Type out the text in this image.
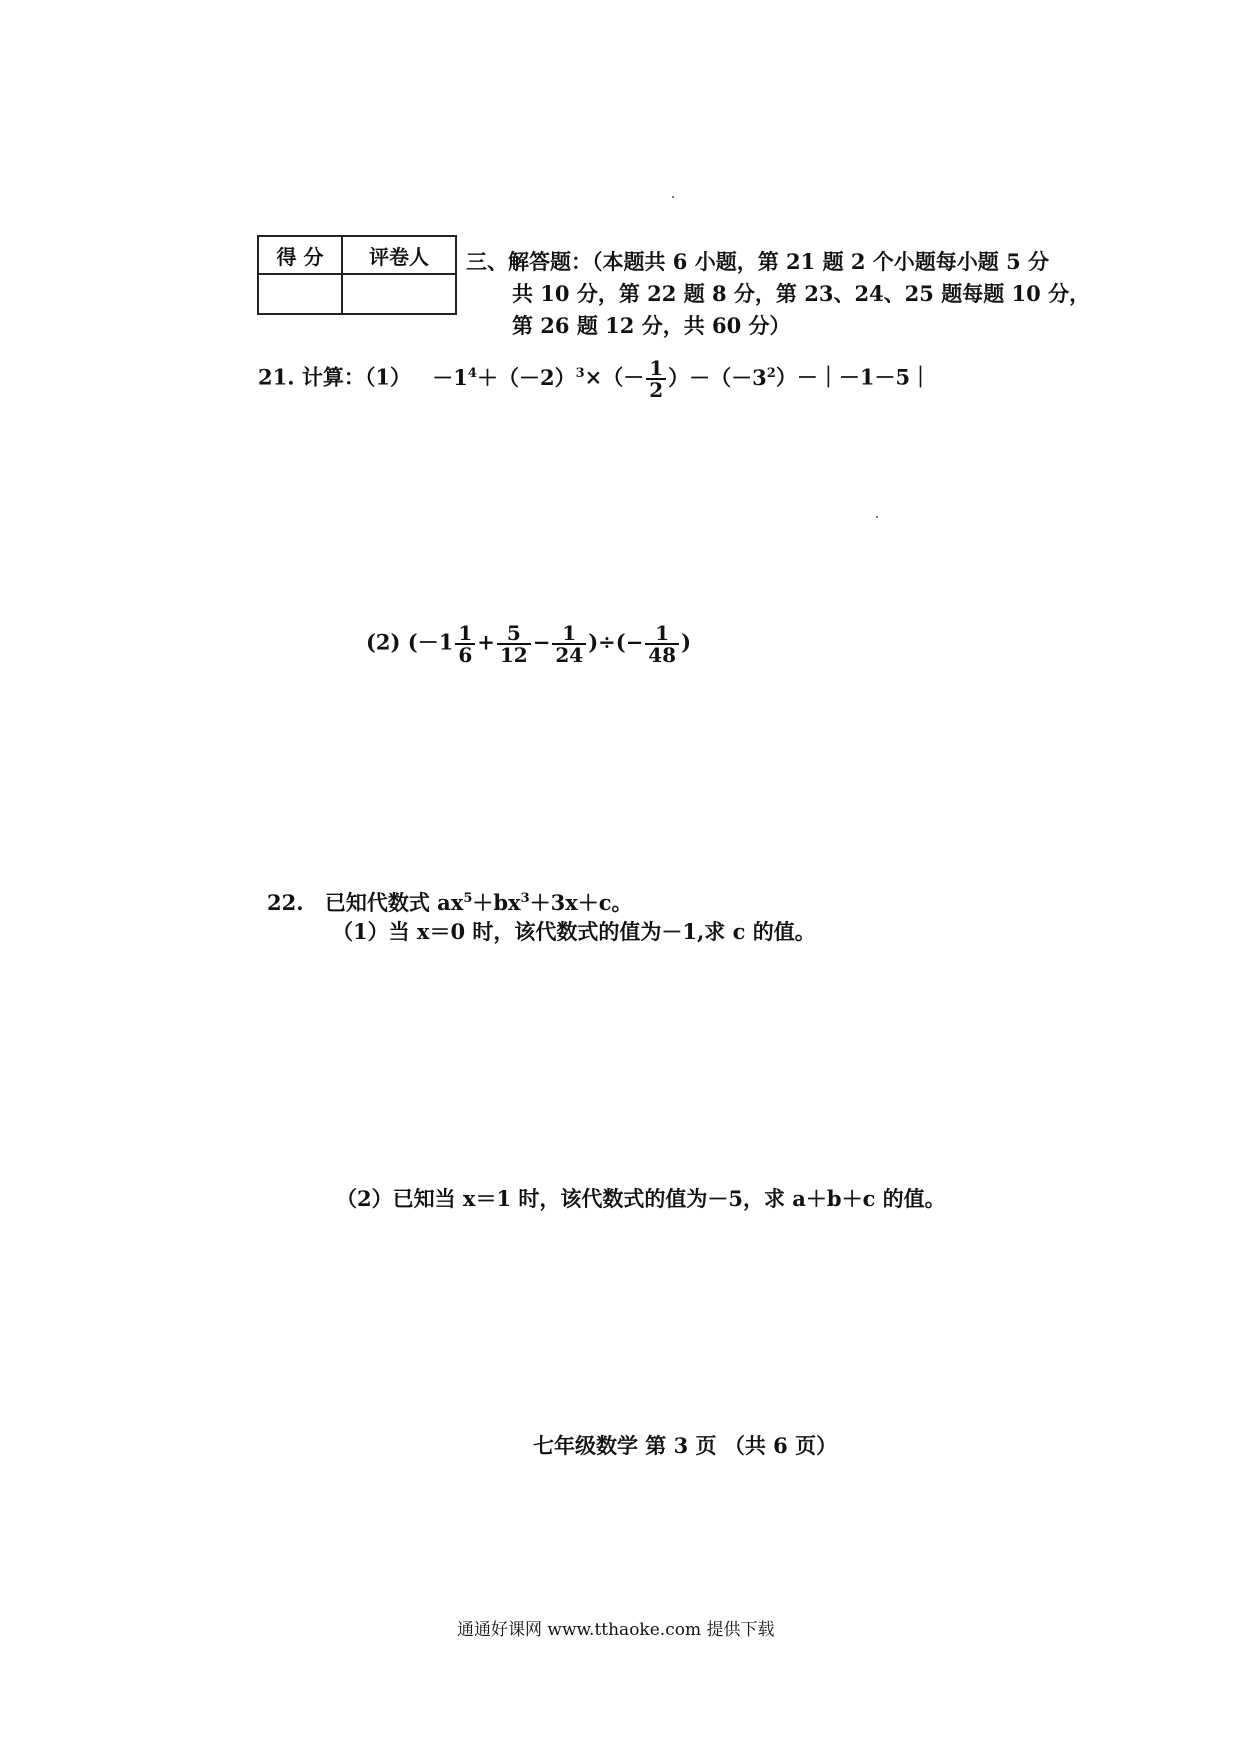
得 分	评卷人
	三、解答题：（本题共 6 小题，第 21 题 2 个小题每小题 5 分
共 10 分，第 22 题 8 分，第 23、24、25 题每题 10 分，
第 26 题 12 分，共 60 分）
21. 计算：$(1) -1^4+(-2)^3\times(- \frac{1}{2}$ ）$-(-3^2)-|-1-5|$
(2) ($-1 \frac{1}{6} + \frac{5}{12} - \frac{1}{24}$ )÷(− $\frac{1}{48}$ )
22. 已知代数式 $ax^5+bx^3+3x+c$。
（1）当 x＝0 时，该代数式的值为－1,求 c 的值。
（2）已知当 x＝1 时，该代数式的值为－5，求 a＋b＋c 的值。
七年级数学 第 3 页 （共 6 页）
通通好课网 www.tthaoke.com 提供下载
